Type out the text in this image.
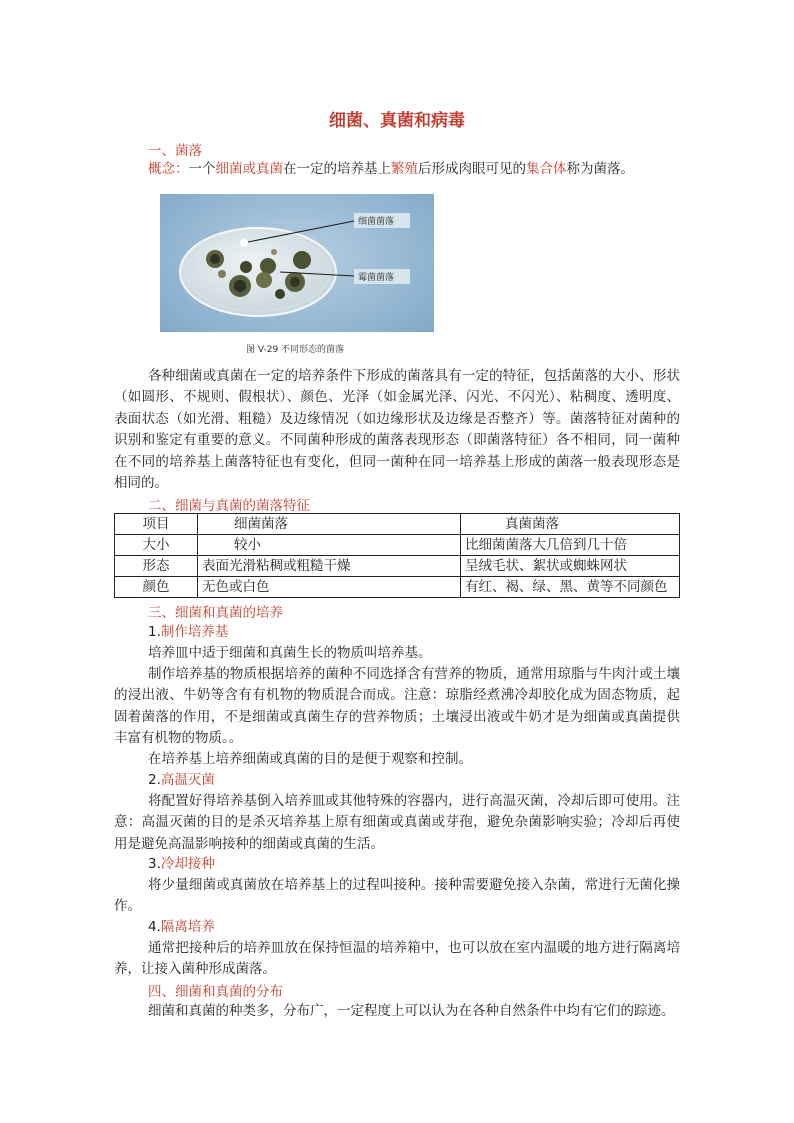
细菌、真菌和病毒
一、菌落
概念：一个细菌或真菌在一定的培养基上繁殖后形成肉眼可见的集合体称为菌落。
细菌菌落
霉菌菌落
图 V-29 不同形态的菌落
各种细菌或真菌在一定的培养条件下形成的菌落具有一定的特征，包括菌落的大小、形状（如圆形、不规则、假根状）、颜色、光泽（如金属光泽、闪光、不闪光）、粘稠度、透明度、表面状态（如光滑、粗糙）及边缘情况（如边缘形状及边缘是否整齐）等。菌落特征对菌种的识别和鉴定有重要的意义。不同菌种形成的菌落表现形态（即菌落特征）各不相同，同一菌种在不同的培养基上菌落特征也有变化，但同一菌种在同一培养基上形成的菌落一般表现形态是相同的。
二、细菌与真菌的菌落特征
项目	细菌菌落	真菌菌落
大小	较小	比细菌菌落大几倍到几十倍
形态	表面光滑粘稠或粗糙干燥	呈绒毛状、絮状或蜘蛛网状
颜色	无色或白色	有红、褐、绿、黑、黄等不同颜色
三、细菌和真菌的培养
1.制作培养基
培养皿中适于细菌和真菌生长的物质叫培养基。
制作培养基的物质根据培养的菌种不同选择含有营养的物质，通常用琼脂与牛肉汁或土壤的浸出液、牛奶等含有有机物的物质混合而成。注意：琼脂经煮沸冷却胶化成为固态物质，起固着菌落的作用，不是细菌或真菌生存的营养物质；土壤浸出液或牛奶才是为细菌或真菌提供丰富有机物的物质。。
在培养基上培养细菌或真菌的目的是便于观察和控制。
2.高温灭菌
将配置好得培养基倒入培养皿或其他特殊的容器内，进行高温灭菌，冷却后即可使用。注意：高温灭菌的目的是杀灭培养基上原有细菌或真菌或芽孢，避免杂菌影响实验；冷却后再使用是避免高温影响接种的细菌或真菌的生活。
3.冷却接种
将少量细菌或真菌放在培养基上的过程叫接种。接种需要避免接入杂菌，常进行无菌化操作。
4.隔离培养
通常把接种后的培养皿放在保持恒温的培养箱中，也可以放在室内温暖的地方进行隔离培养，让接入菌种形成菌落。
四、细菌和真菌的分布
细菌和真菌的种类多，分布广，一定程度上可以认为在各种自然条件中均有它们的踪迹。
